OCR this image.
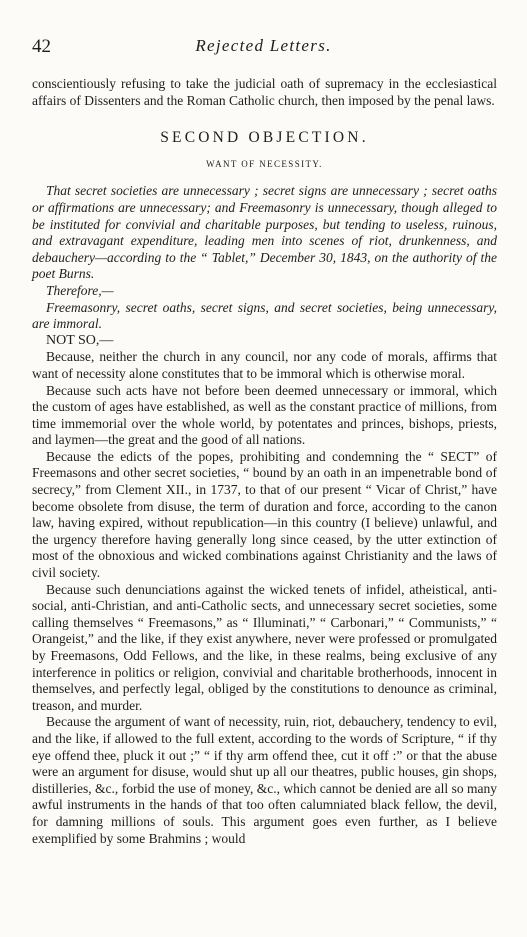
42	Rejected Letters.

conscientiously refusing to take the judicial oath of supremacy in the ecclesiastical affairs of Dissenters and the Roman Catholic church, then imposed by the penal laws.

SECOND OBJECTION.

WANT OF NECESSITY.

That secret societies are unnecessary ; secret signs are unnecessary ; secret oaths or affirmations are unnecessary; and Freemasonry is unnecessary, though alleged to be instituted for convivial and charitable purposes, but tending to useless, ruinous, and extravagant expenditure, leading men into scenes of riot, drunkenness, and debauchery—according to the “ Tablet,” December 30, 1843, on the authority of the poet Burns.

Therefore,—

Freemasonry, secret oaths, secret signs, and secret societies, being unnecessary, are immoral.

NOT SO,—

Because, neither the church in any council, nor any code of morals, affirms that want of necessity alone constitutes that to be immoral which is otherwise moral.

Because such acts have not before been deemed unnecessary or immoral, which the custom of ages have established, as well as the constant practice of millions, from time immemorial over the whole world, by potentates and princes, bishops, priests, and laymen—the great and the good of all nations.

Because the edicts of the popes, prohibiting and condemning the “ SECT” of Freemasons and other secret societies, “ bound by an oath in an impenetrable bond of secrecy,” from Clement XII., in 1737, to that of our present “ Vicar of Christ,” have become obsolete from disuse, the term of duration and force, according to the canon law, having expired, without republication—in this country (I believe) unlawful, and the urgency therefore having generally long since ceased, by the utter extinction of most of the obnoxious and wicked combinations against Christianity and the laws of civil society.

Because such denunciations against the wicked tenets of infidel, atheistical, anti-social, anti-Christian, and anti-Catholic sects, and unnecessary secret societies, some calling themselves “ Freemasons,” as “ Illuminati,” “ Carbonari,” “ Communists,” “ Orangeist,” and the like, if they exist anywhere, never were professed or promulgated by Freemasons, Odd Fellows, and the like, in these realms, being exclusive of any interference in politics or religion, convivial and charitable brotherhoods, innocent in themselves, and perfectly legal, obliged by the constitutions to denounce as criminal, treason, and murder.

Because the argument of want of necessity, ruin, riot, debauchery, tendency to evil, and the like, if allowed to the full extent, according to the words of Scripture, “ if thy eye offend thee, pluck it out ;” “ if thy arm offend thee, cut it off :” or that the abuse were an argument for disuse, would shut up all our theatres, public houses, gin shops, distilleries, &c., forbid the use of money, &c., which cannot be denied are all so many awful instruments in the hands of that too often calumniated black fellow, the devil, for damning millions of souls. This argument goes even further, as I believe exemplified by some Brahmins ; would
